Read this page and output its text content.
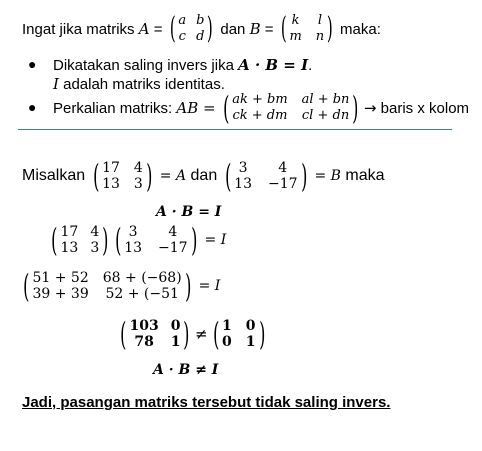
Ingat jika matriks
A
=
( a b
c d )
dan
B
=
( k l
m n )
maka:
● Dikatakan saling invers jika A · B = I.
I adalah matriks identitas.
● Perkalian matriks:
AB =
( ak + bm al + bn
ck + dm cl + dn ) →
baris x kolom
Misalkan
( 17 4
13 3 )
= A
dan
( 3	4
13 −17 )
= B
maka
A · B = I
( 17 4
13 3 ) ( 3	4
13 −17 )
= I
( 51 + 52 68 + (−68)
39 + 39 52 + (−51 )
= I
( 103 0
78	1 ) ≠ ( 1 0
0 1 )
A · B ≠ I
Jadi, pasangan matriks tersebut tidak saling invers.
